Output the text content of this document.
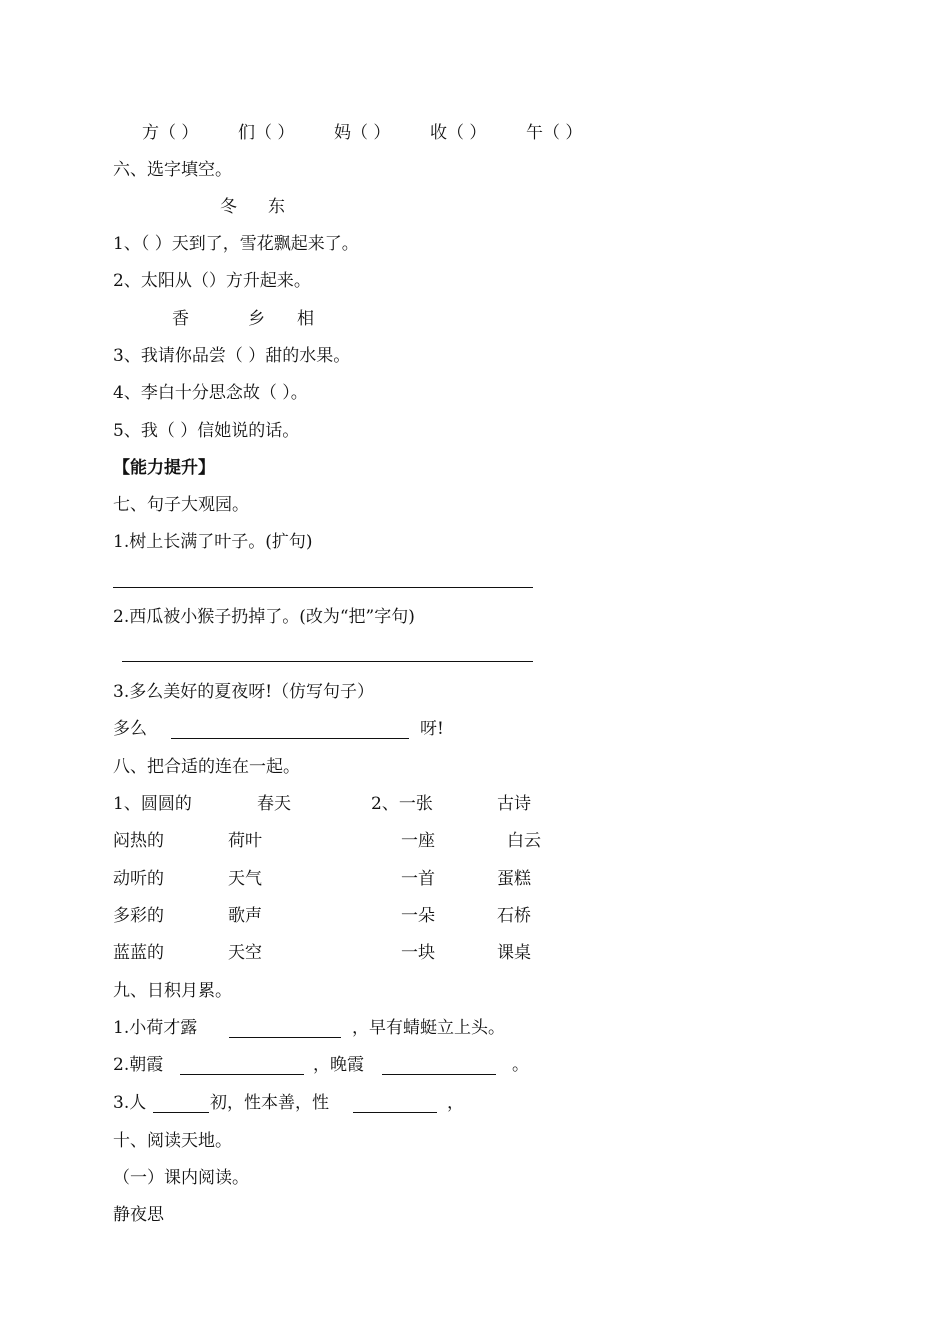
方（ ） 们（ ） 妈（ ） 收（ ） 午（ ）
六、选字填空。
冬 东
1、（ ）天到了，雪花飘起来了。
2、太阳从（）方升起来。
香	乡 相
3、我请你品尝（ ）甜的水果。
4、李白十分思念故（ ）。
5、我（ ）信她说的话。
【能力提升】
七、句子大观园。
1.树上长满了叶子。(扩句)
2.西瓜被小猴子扔掉了。(改为“把”字句)
3.多么美好的夏夜呀!（仿写句子）
多么	呀!
八、把合适的连在一起。
1、圆圆的	春天	2、一张	古诗
闷热的	荷叶	一座	白云
动听的	天气	一首	蛋糕
多彩的	歌声	一朵	石桥
蓝蓝的	天空	一块	课桌
九、日积月累。
1.小荷才露	，早有蜻蜓立上头。
2.朝霞	，晚霞	。
3.人	初，性本善，性	，
十、阅读天地。
（一）课内阅读。
静夜思
